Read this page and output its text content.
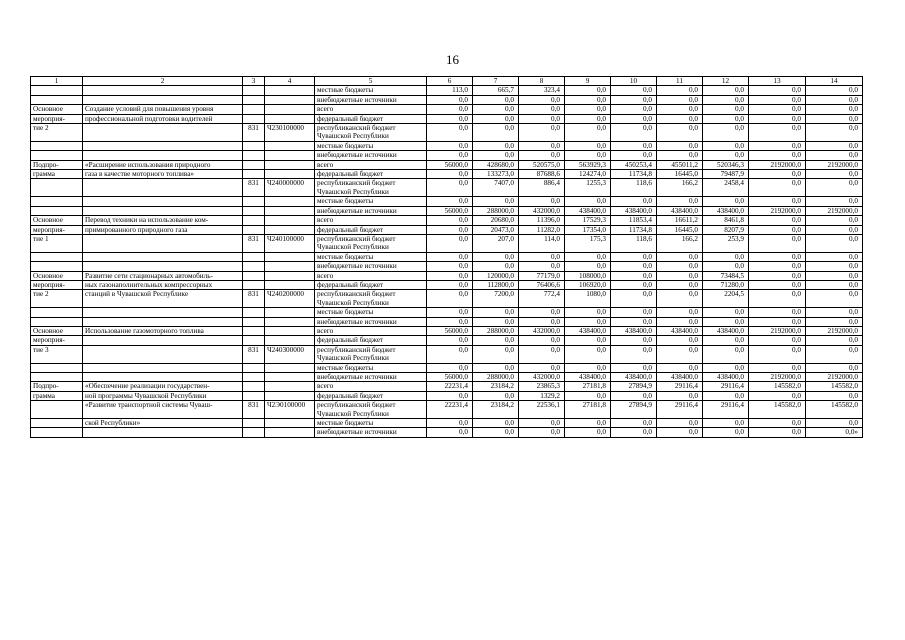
16
1	2	3	4	5	6	7	8	9	10	11	12	13	14
				местные бюджеты	113,0	665,7	323,4	0,0	0,0	0,0	0,0	0,0	0,0
				внебюджетные источники	0,0	0,0	0,0	0,0	0,0	0,0	0,0	0,0	0,0
Основное	Создание условий для повышения уровня			всего	0,0	0,0	0,0	0,0	0,0	0,0	0,0	0,0	0,0
мероприя-	профессиональной подготовки водителей			федеральный бюджет	0,0	0,0	0,0	0,0	0,0	0,0	0,0	0,0	0,0
тие 2		831	Ч230100000	республиканский бюджет Чувашской Республики	0,0	0,0	0,0	0,0	0,0	0,0	0,0	0,0	0,0
				местные бюджеты	0,0	0,0	0,0	0,0	0,0	0,0	0,0	0,0	0,0
				внебюджетные источники	0,0	0,0	0,0	0,0	0,0	0,0	0,0	0,0	0,0
Подпро-	«Расширение использования природного			всего	56000,0	428680,0	520575,0	563929,3	450253,4	455011,2	520346,3	2192000,0	2192000,0
грамма	газа в качестве моторного топлива»			федеральный бюджет	0,0	133273,0	87688,6	124274,0	11734,8	16445,0	79487,9	0,0	0,0
		831	Ч240000000	республиканский бюджет Чувашской Республики	0,0	7407,0	886,4	1255,3	118,6	166,2	2458,4	0,0	0,0
				местные бюджеты	0,0	0,0	0,0	0,0	0,0	0,0	0,0	0,0	0,0
				внебюджетные источники	56000,0	288000,0	432000,0	438400,0	438400,0	438400,0	438400,0	2192000,0	2192000,0
Основное	Перевод техники на использование ком-			всего	0,0	20680,0	11396,0	17529,3	11853,4	16611,2	8461,8	0,0	0,0
мероприя-	примированного природного газа			федеральный бюджет	0,0	20473,0	11282,0	17354,0	11734,8	16445,0	8207,9	0,0	0,0
тие 1		831	Ч240100000	республиканский бюджет Чувашской Республики	0,0	207,0	114,0	175,3	118,6	166,2	253,9	0,0	0,0
				местные бюджеты	0,0	0,0	0,0	0,0	0,0	0,0	0,0	0,0	0,0
				внебюджетные источники	0,0	0,0	0,0	0,0	0,0	0,0	0,0	0,0	0,0
Основное	Развитие сети стационарных автомобиль-			всего	0,0	120000,0	77179,0	108000,0	0,0	0,0	73484,5	0,0	0,0
мероприя-	ных газонаполнительных компрессорных			федеральный бюджет	0,0	112800,0	76406,6	106920,0	0,0	0,0	71280,0	0,0	0,0
тие 2	станций в Чувашской Республике	831	Ч240200000	республиканский бюджет Чувашской Республики	0,0	7200,0	772,4	1080,0	0,0	0,0	2204,5	0,0	0,0
				местные бюджеты	0,0	0,0	0,0	0,0	0,0	0,0	0,0	0,0	0,0
				внебюджетные источники	0,0	0,0	0,0	0,0	0,0	0,0	0,0	0,0	0,0
Основное	Использование газомоторного топлива			всего	56000,0	288000,0	432000,0	438400,0	438400,0	438400,0	438400,0	2192000,0	2192000,0
мероприя-				федеральный бюджет	0,0	0,0	0,0	0,0	0,0	0,0	0,0	0,0	0,0
тие 3		831	Ч240300000	республиканский бюджет Чувашской Республики	0,0	0,0	0,0	0,0	0,0	0,0	0,0	0,0	0,0
				местные бюджеты	0,0	0,0	0,0	0,0	0,0	0,0	0,0	0,0	0,0
				внебюджетные источники	56000,0	288000,0	432000,0	438400,0	438400,0	438400,0	438400,0	2192000,0	2192000,0
Подпро-	«Обеспечение реализации государствен-			всего	22231,4	23184,2	23865,3	27181,8	27894,9	29116,4	29116,4	145582,0	145582,0
грамма	ной программы Чувашской Республики			федеральный бюджет	0,0	0,0	1329,2	0,0	0,0	0,0	0,0	0,0	0,0
	«Развитие транспортной системы Чуваш-	831	Ч2Э0100000	республиканский бюджет Чувашской Республики	22231,4	23184,2	22536,1	27181,8	27894,9	29116,4	29116,4	145582,0	145582,0
	ской Республики»			местные бюджеты	0,0	0,0	0,0	0,0	0,0	0,0	0,0	0,0	0,0
				внебюджетные источники	0,0	0,0	0,0	0,0	0,0	0,0	0,0	0,0	0,0»
